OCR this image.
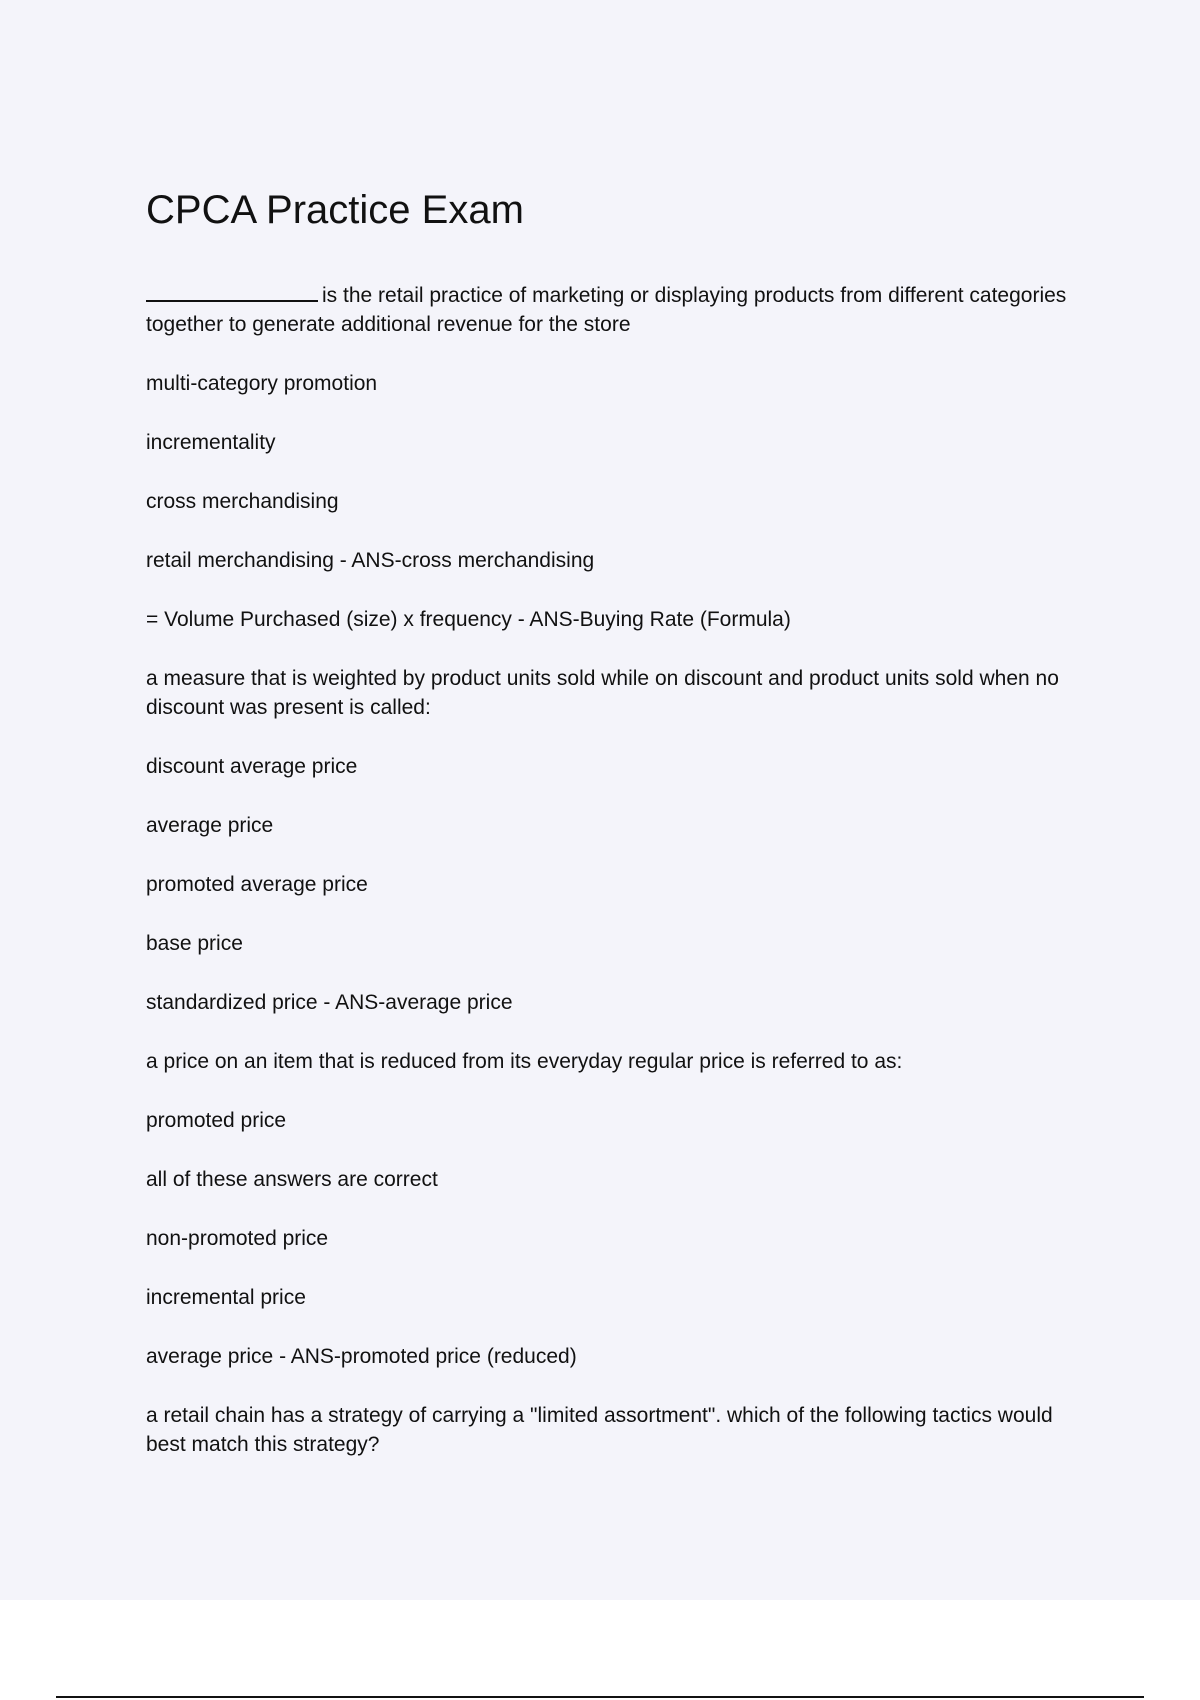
CPCA Practice Exam

is the retail practice of marketing or displaying products from different categories together to generate additional revenue for the store

multi-category promotion

incrementality

cross merchandising

retail merchandising - ANS-cross merchandising

= Volume Purchased (size) x frequency - ANS-Buying Rate (Formula)

a measure that is weighted by product units sold while on discount and product units sold when no discount was present is called:

discount average price

average price

promoted average price

base price

standardized price - ANS-average price

a price on an item that is reduced from its everyday regular price is referred to as:

promoted price

all of these answers are correct

non-promoted price

incremental price

average price - ANS-promoted price (reduced)

a retail chain has a strategy of carrying a "limited assortment". which of the following tactics would best match this strategy?
